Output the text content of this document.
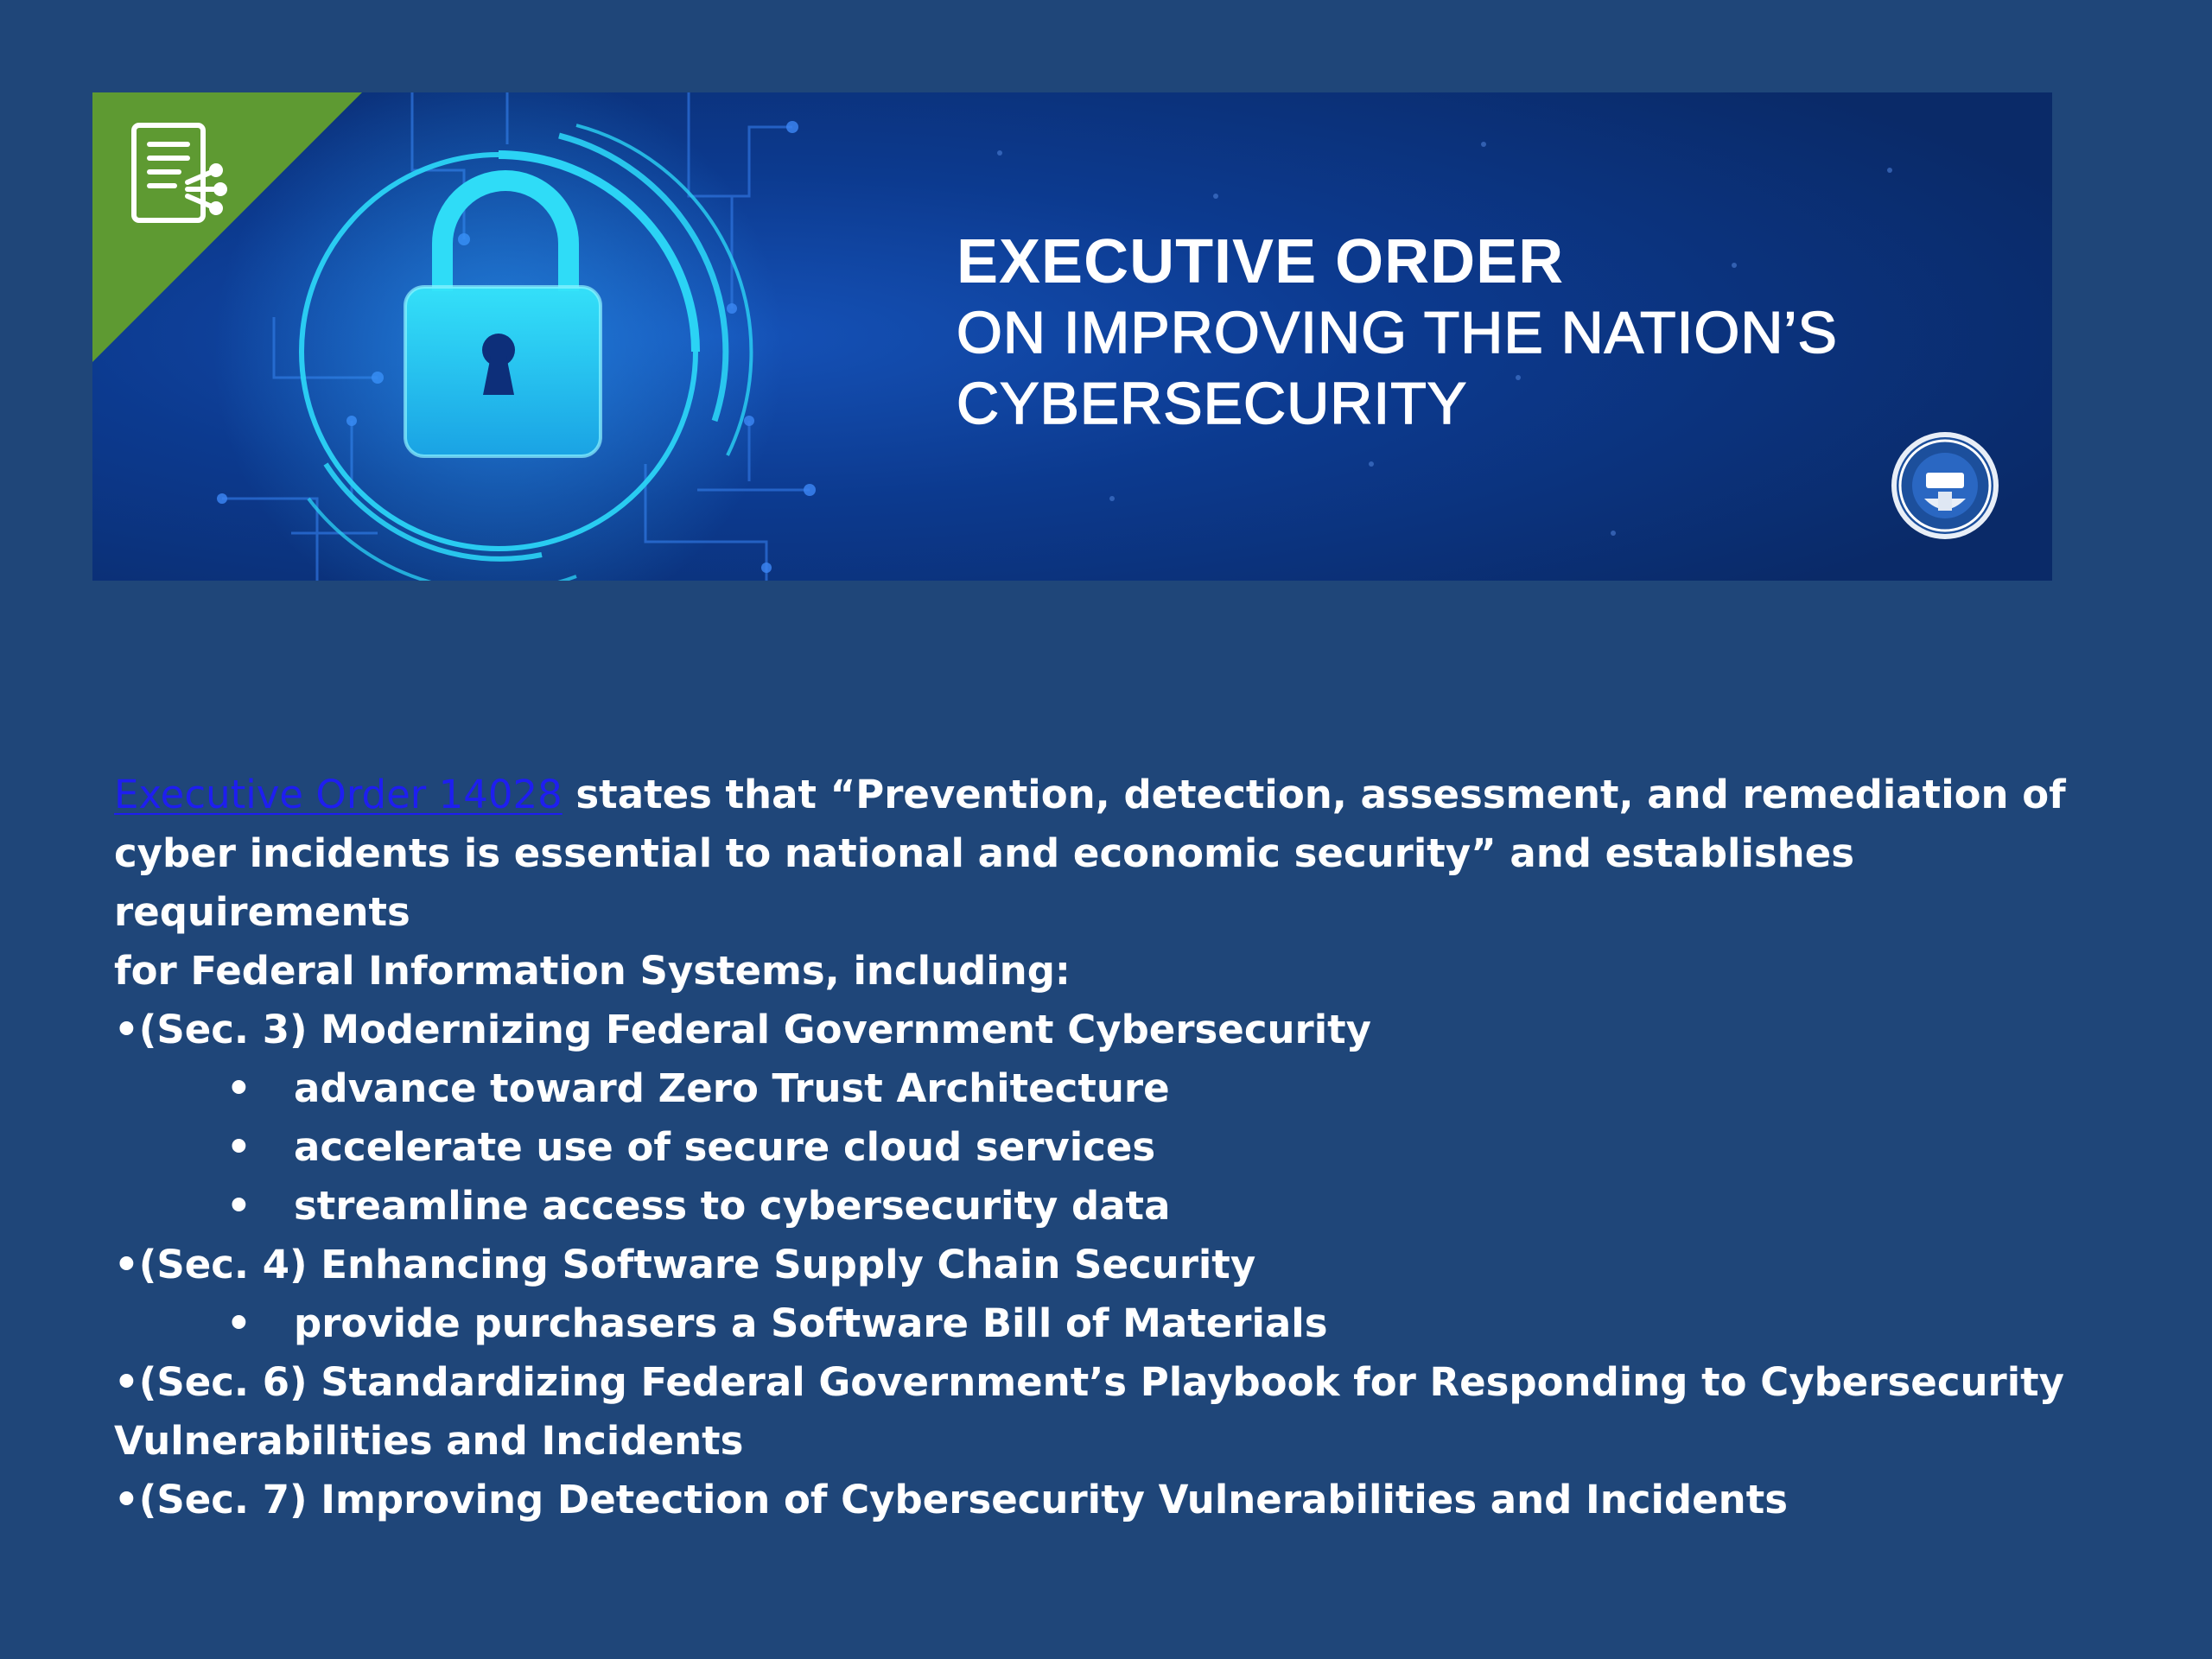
EXECUTIVE ORDER
ON IMPROVING THE NATION’S
CYBERSECURITY

Executive Order 14028 states that “Prevention, detection, assessment, and remediation of

cyber incidents is essential to national and economic security” and establishes requirements

for Federal Information Systems, including:

•(Sec. 3) Modernizing Federal Government Cybersecurity

• advance toward Zero Trust Architecture

• accelerate use of secure cloud services

• streamline access to cybersecurity data

•(Sec. 4) Enhancing Software Supply Chain Security

• provide purchasers a Software Bill of Materials

•(Sec. 6) Standardizing Federal Government’s Playbook for Responding to Cybersecurity

Vulnerabilities and Incidents

•(Sec. 7) Improving Detection of Cybersecurity Vulnerabilities and Incidents
